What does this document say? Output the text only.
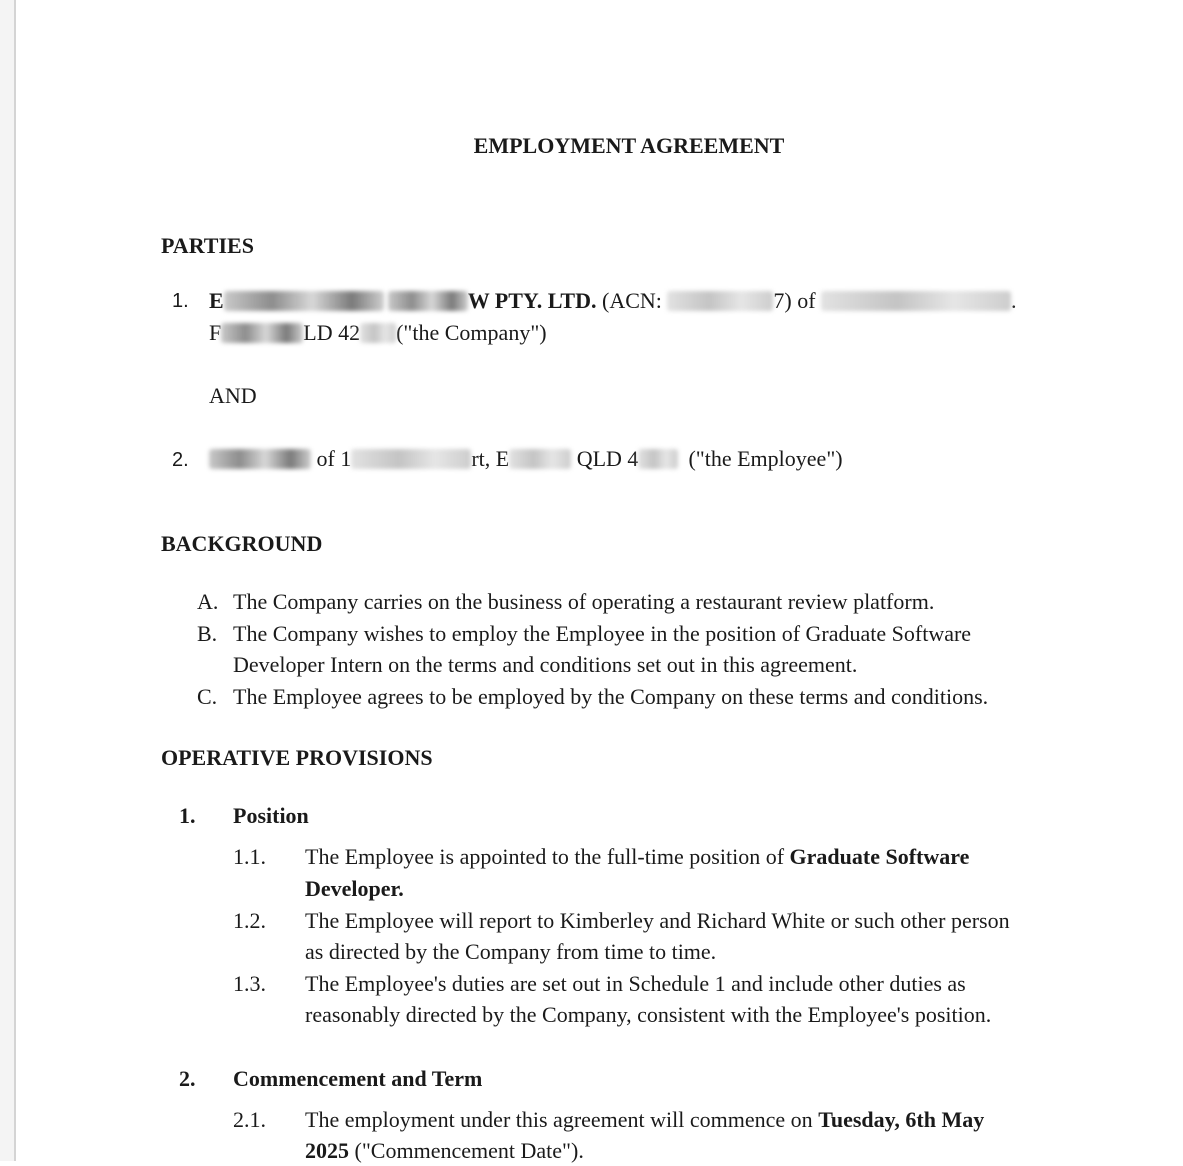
EMPLOYMENT AGREEMENT
PARTIES
1. E	W PTY. LTD. (ACN:	7) of	.
F	LD 42 ("the Company")
AND
2.	of 1	rt, E	QLD 4 ("the Employee")
BACKGROUND
A. The Company carries on the business of operating a restaurant review platform.
B. The Company wishes to employ the Employee in the position of Graduate Software
Developer Intern on the terms and conditions set out in this agreement.
C. The Employee agrees to be employed by the Company on these terms and conditions.
OPERATIVE PROVISIONS
1. Position
1.1. The Employee is appointed to the full-time position of Graduate Software
Developer.
1.2. The Employee will report to Kimberley and Richard White or such other person
as directed by the Company from time to time.
1.3. The Employee's duties are set out in Schedule 1 and include other duties as
reasonably directed by the Company, consistent with the Employee's position.
2. Commencement and Term
2.1. The employment under this agreement will commence on Tuesday, 6th May
2025 ("Commencement Date").
